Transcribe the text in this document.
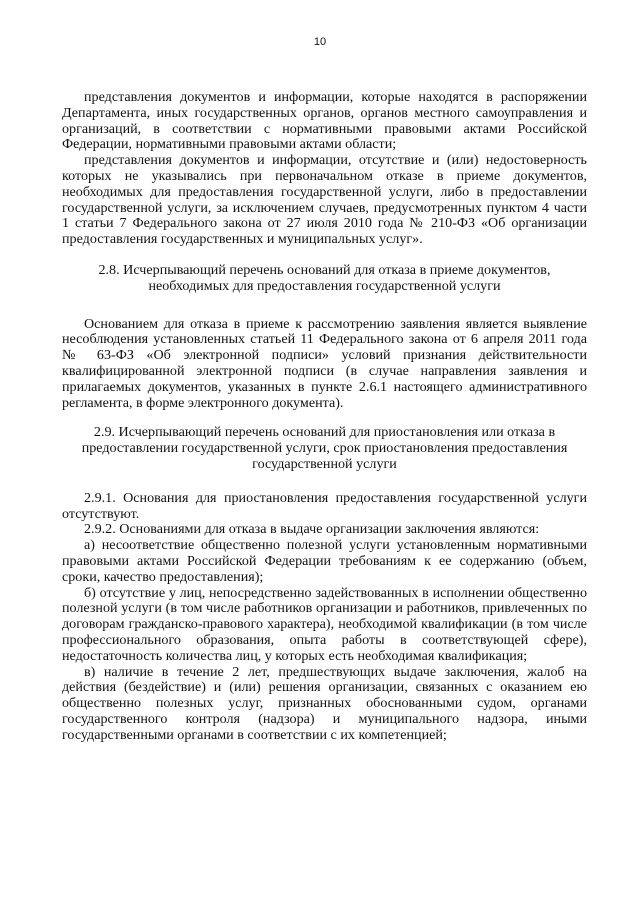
10

представления документов и информации, которые находятся в распоряжении Департамента, иных государственных органов, органов местного самоуправления и организаций, в соответствии с нормативными правовыми актами Российской Федерации, нормативными правовыми актами области;

представления документов и информации, отсутствие и (или) недостоверность которых не указывались при первоначальном отказе в приеме документов, необходимых для предоставления государственной услуги, либо в предоставлении государственной услуги, за исключением случаев, предусмотренных пунктом 4 части 1 статьи 7 Федерального закона от 27 июля 2010 года № 210-ФЗ «Об организации предоставления государственных и муниципальных услуг».

2.8. Исчерпывающий перечень оснований для отказа в приеме документов, необходимых для предоставления государственной услуги

Основанием для отказа в приеме к рассмотрению заявления является выявление несоблюдения установленных статьей 11 Федерального закона от 6 апреля 2011 года № 63-ФЗ «Об электронной подписи» условий признания действительности квалифицированной электронной подписи (в случае направления заявления и прилагаемых документов, указанных в пункте 2.6.1 настоящего административного регламента, в форме электронного документа).

2.9. Исчерпывающий перечень оснований для приостановления или отказа в предоставлении государственной услуги, срок приостановления предоставления государственной услуги

2.9.1. Основания для приостановления предоставления государственной услуги отсутствуют.

2.9.2. Основаниями для отказа в выдаче организации заключения являются:

а) несоответствие общественно полезной услуги установленным нормативными правовыми актами Российской Федерации требованиям к ее содержанию (объем, сроки, качество предоставления);

б) отсутствие у лиц, непосредственно задействованных в исполнении общественно полезной услуги (в том числе работников организации и работников, привлеченных по договорам гражданско-правового характера), необходимой квалификации (в том числе профессионального образования, опыта работы в соответствующей сфере), недостаточность количества лиц, у которых есть необходимая квалификация;

в) наличие в течение 2 лет, предшествующих выдаче заключения, жалоб на действия (бездействие) и (или) решения организации, связанных с оказанием ею общественно полезных услуг, признанных обоснованными судом, органами государственного контроля (надзора) и муниципального надзора, иными государственными органами в соответствии с их компетенцией;
